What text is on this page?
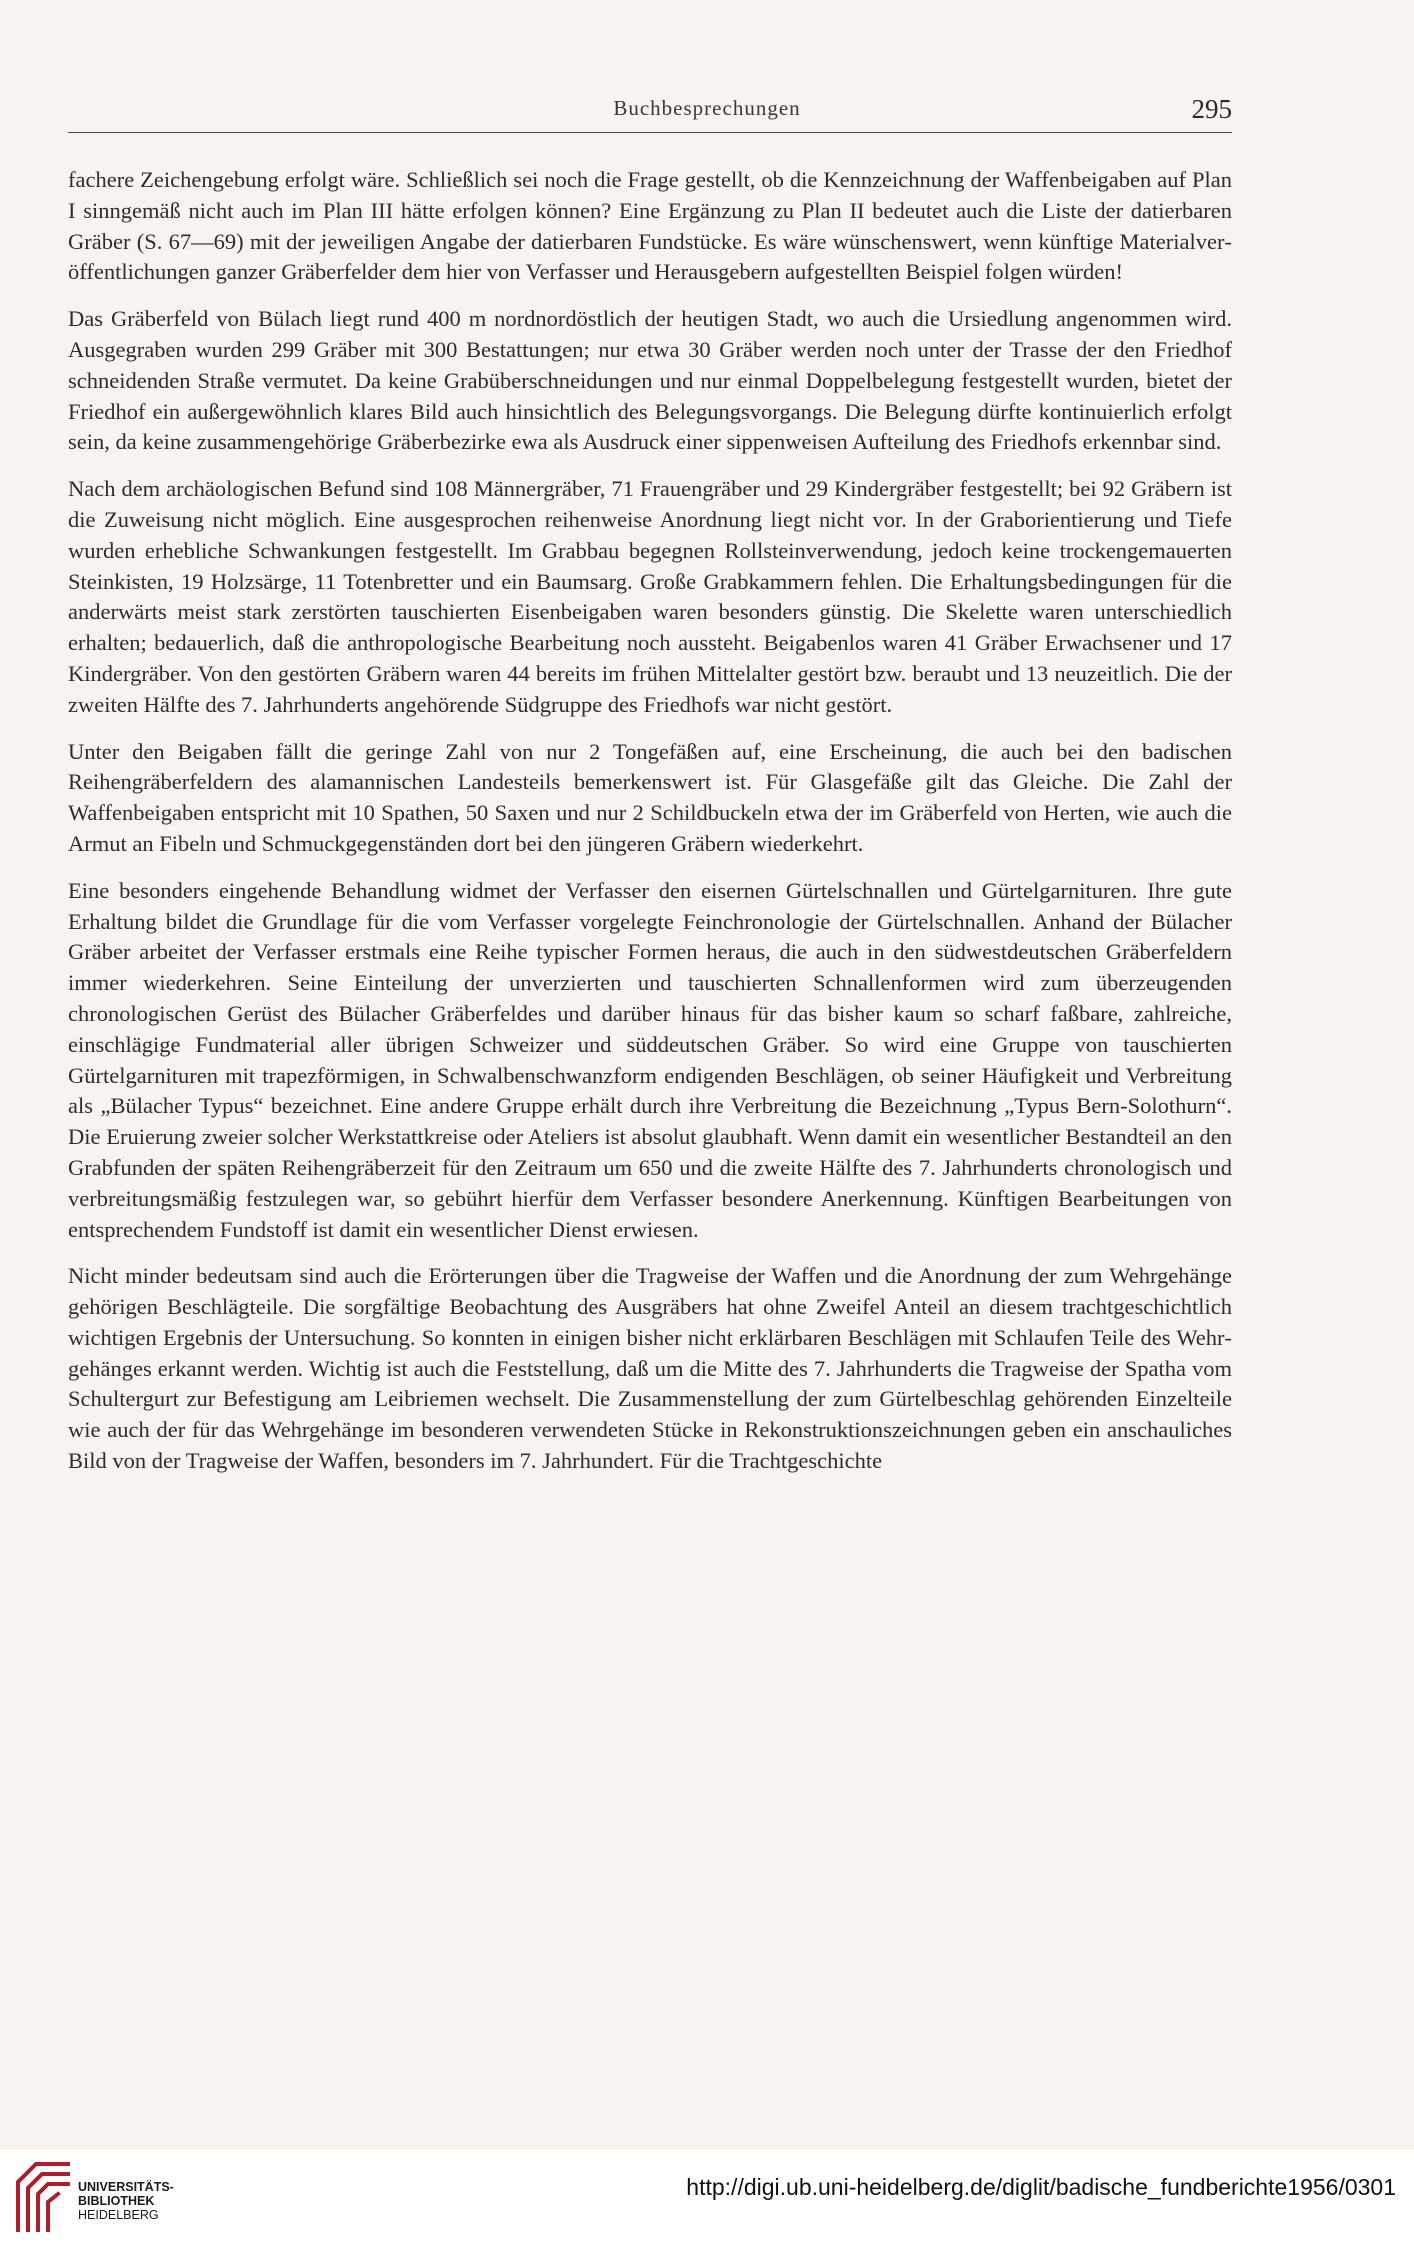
Buchbesprechungen	295

fachere Zeichengebung erfolgt wäre. Schließlich sei noch die Frage gestellt, ob die Kennzeichnung der Waffenbeigaben auf Plan I sinngemäß nicht auch im Plan III hätte erfolgen können? Eine Ergänzung zu Plan II bedeutet auch die Liste der datierbaren Gräber (S. 67—69) mit der jeweiligen Angabe der datierbaren Fundstücke. Es wäre wünschenswert, wenn künftige Materialveröffentlichungen ganzer Gräberfelder dem hier von Verfasser und Herausgebern aufgestellten Beispiel folgen würden!

Das Gräberfeld von Bülach liegt rund 400 m nordnordöstlich der heutigen Stadt, wo auch die Ursiedlung angenommen wird. Ausgegraben wurden 299 Gräber mit 300 Bestattungen; nur etwa 30 Gräber werden noch unter der Trasse der den Friedhof schneidenden Straße vermutet. Da keine Grabüberschneidungen und nur einmal Doppelbelegung festgestellt wurden, bietet der Friedhof ein außergewöhnlich klares Bild auch hinsichtlich des Belegungsvorgangs. Die Belegung dürfte kontinuierlich erfolgt sein, da keine zusammengehörige Gräberbezirke ewa als Ausdruck einer sippenweisen Aufteilung des Friedhofs erkennbar sind.

Nach dem archäologischen Befund sind 108 Männergräber, 71 Frauengräber und 29 Kindergräber festgestellt; bei 92 Gräbern ist die Zuweisung nicht möglich. Eine ausgesprochen reihenweise Anordnung liegt nicht vor. In der Graborientierung und Tiefe wurden erhebliche Schwankungen festgestellt. Im Grabbau begegnen Rollsteinverwendung, jedoch keine trockengemauerten Steinkisten, 19 Holzsärge, 11 Totenbretter und ein Baumsarg. Große Grabkammern fehlen. Die Erhaltungsbedingungen für die anderwärts meist stark zerstörten tauschierten Eisenbeigaben waren besonders günstig. Die Skelette waren unterschiedlich erhalten; bedauerlich, daß die anthropologische Bearbeitung noch aussteht. Beigabenlos waren 41 Gräber Erwachsener und 17 Kindergräber. Von den gestörten Gräbern waren 44 bereits im frühen Mittelalter gestört bzw. beraubt und 13 neuzeitlich. Die der zweiten Hälfte des 7. Jahrhunderts angehörende Südgruppe des Friedhofs war nicht gestört.

Unter den Beigaben fällt die geringe Zahl von nur 2 Tongefäßen auf, eine Erscheinung, die auch bei den badischen Reihengräberfeldern des alamannischen Landesteils bemerkenswert ist. Für Glasgefäße gilt das Gleiche. Die Zahl der Waffenbeigaben entspricht mit 10 Spathen, 50 Saxen und nur 2 Schildbuckeln etwa der im Gräberfeld von Herten, wie auch die Armut an Fibeln und Schmuckgegenständen dort bei den jüngeren Gräbern wiederkehrt.

Eine besonders eingehende Behandlung widmet der Verfasser den eisernen Gürtelschnallen und Gürtelgarnituren. Ihre gute Erhaltung bildet die Grundlage für die vom Verfasser vorgelegte Feinchronologie der Gürtelschnallen. Anhand der Bülacher Gräber arbeitet der Verfasser erstmals eine Reihe typischer Formen heraus, die auch in den südwestdeutschen Gräberfeldern immer wiederkehren. Seine Einteilung der unverzierten und tauschierten Schnallenformen wird zum überzeugenden chronologischen Gerüst des Bülacher Gräberfeldes und darüber hinaus für das bisher kaum so scharf faßbare, zahlreiche, einschlägige Fundmaterial aller übrigen Schweizer und süddeutschen Gräber. So wird eine Gruppe von tauschierten Gürtelgarnituren mit trapezförmigen, in Schwalbenschwanzform endigenden Beschlägen, ob seiner Häufigkeit und Verbreitung als „Bülacher Typus“ bezeichnet. Eine andere Gruppe erhält durch ihre Verbreitung die Bezeichnung „Typus Bern-Solothurn“. Die Eruierung zweier solcher Werkstattkreise oder Ateliers ist absolut glaubhaft. Wenn damit ein wesentlicher Bestandteil an den Grabfunden der späten Reihengräberzeit für den Zeitraum um 650 und die zweite Hälfte des 7. Jahrhunderts chronologisch und verbreitungsmäßig festzulegen war, so gebührt hierfür dem Verfasser besondere Anerkennung. Künftigen Bearbeitungen von entsprechendem Fundstoff ist damit ein wesentlicher Dienst erwiesen.

Nicht minder bedeutsam sind auch die Erörterungen über die Tragweise der Waffen und die Anordnung der zum Wehrgehänge gehörigen Beschlägteile. Die sorgfältige Beobachtung des Ausgräbers hat ohne Zweifel Anteil an diesem trachtgeschichtlich wichtigen Ergebnis der Untersuchung. So konnten in einigen bisher nicht erklärbaren Beschlägen mit Schlaufen Teile des Wehrgehänges erkannt werden. Wichtig ist auch die Feststellung, daß um die Mitte des 7. Jahrhunderts die Tragweise der Spatha vom Schultergurt zur Befestigung am Leibriemen wechselt. Die Zusammenstellung der zum Gürtelbeschlag gehörenden Einzelteile wie auch der für das Wehrgehänge im besonderen verwendeten Stücke in Rekonstruktionszeichnungen geben ein anschauliches Bild von der Tragweise der Waffen, besonders im 7. Jahrhundert. Für die Trachtgeschichte

UNIVERSITÄTS-
BIBLIOTHEK
HEIDELBERG
http://digi.ub.uni-heidelberg.de/diglit/badische_fundberichte1956/0301
